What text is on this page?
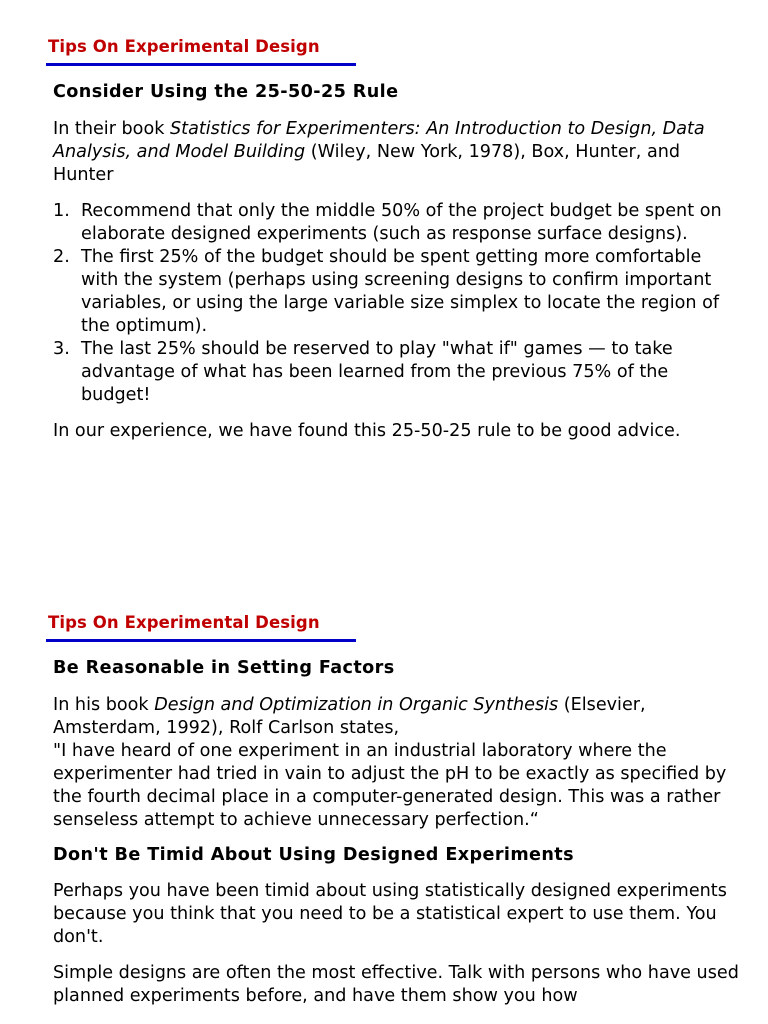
Tips On Experimental Design

Consider Using the 25-50-25 Rule

In their book Statistics for Experimenters: An Introduction to Design, Data Analysis, and Model Building (Wiley, New York, 1978), Box, Hunter, and Hunter

1. Recommend that only the middle 50% of the project budget be spent on elaborate designed experiments (such as response surface designs).
2. The first 25% of the budget should be spent getting more comfortable with the system (perhaps using screening designs to confirm important variables, or using the large variable size simplex to locate the region of the optimum).
3. The last 25% should be reserved to play "what if" games — to take advantage of what has been learned from the previous 75% of the budget!

In our experience, we have found this 25-50-25 rule to be good advice.

Tips On Experimental Design

Be Reasonable in Setting Factors

In his book Design and Optimization in Organic Synthesis (Elsevier, Amsterdam, 1992), Rolf Carlson states,

"I have heard of one experiment in an industrial laboratory where the experimenter had tried in vain to adjust the pH to be exactly as specified by the fourth decimal place in a computer-generated design. This was a rather senseless attempt to achieve unnecessary perfection.“

Don't Be Timid About Using Designed Experiments

Perhaps you have been timid about using statistically designed experiments because you think that you need to be a statistical expert to use them. You don't.

Simple designs are often the most effective. Talk with persons who have used planned experiments before, and have them show you how
